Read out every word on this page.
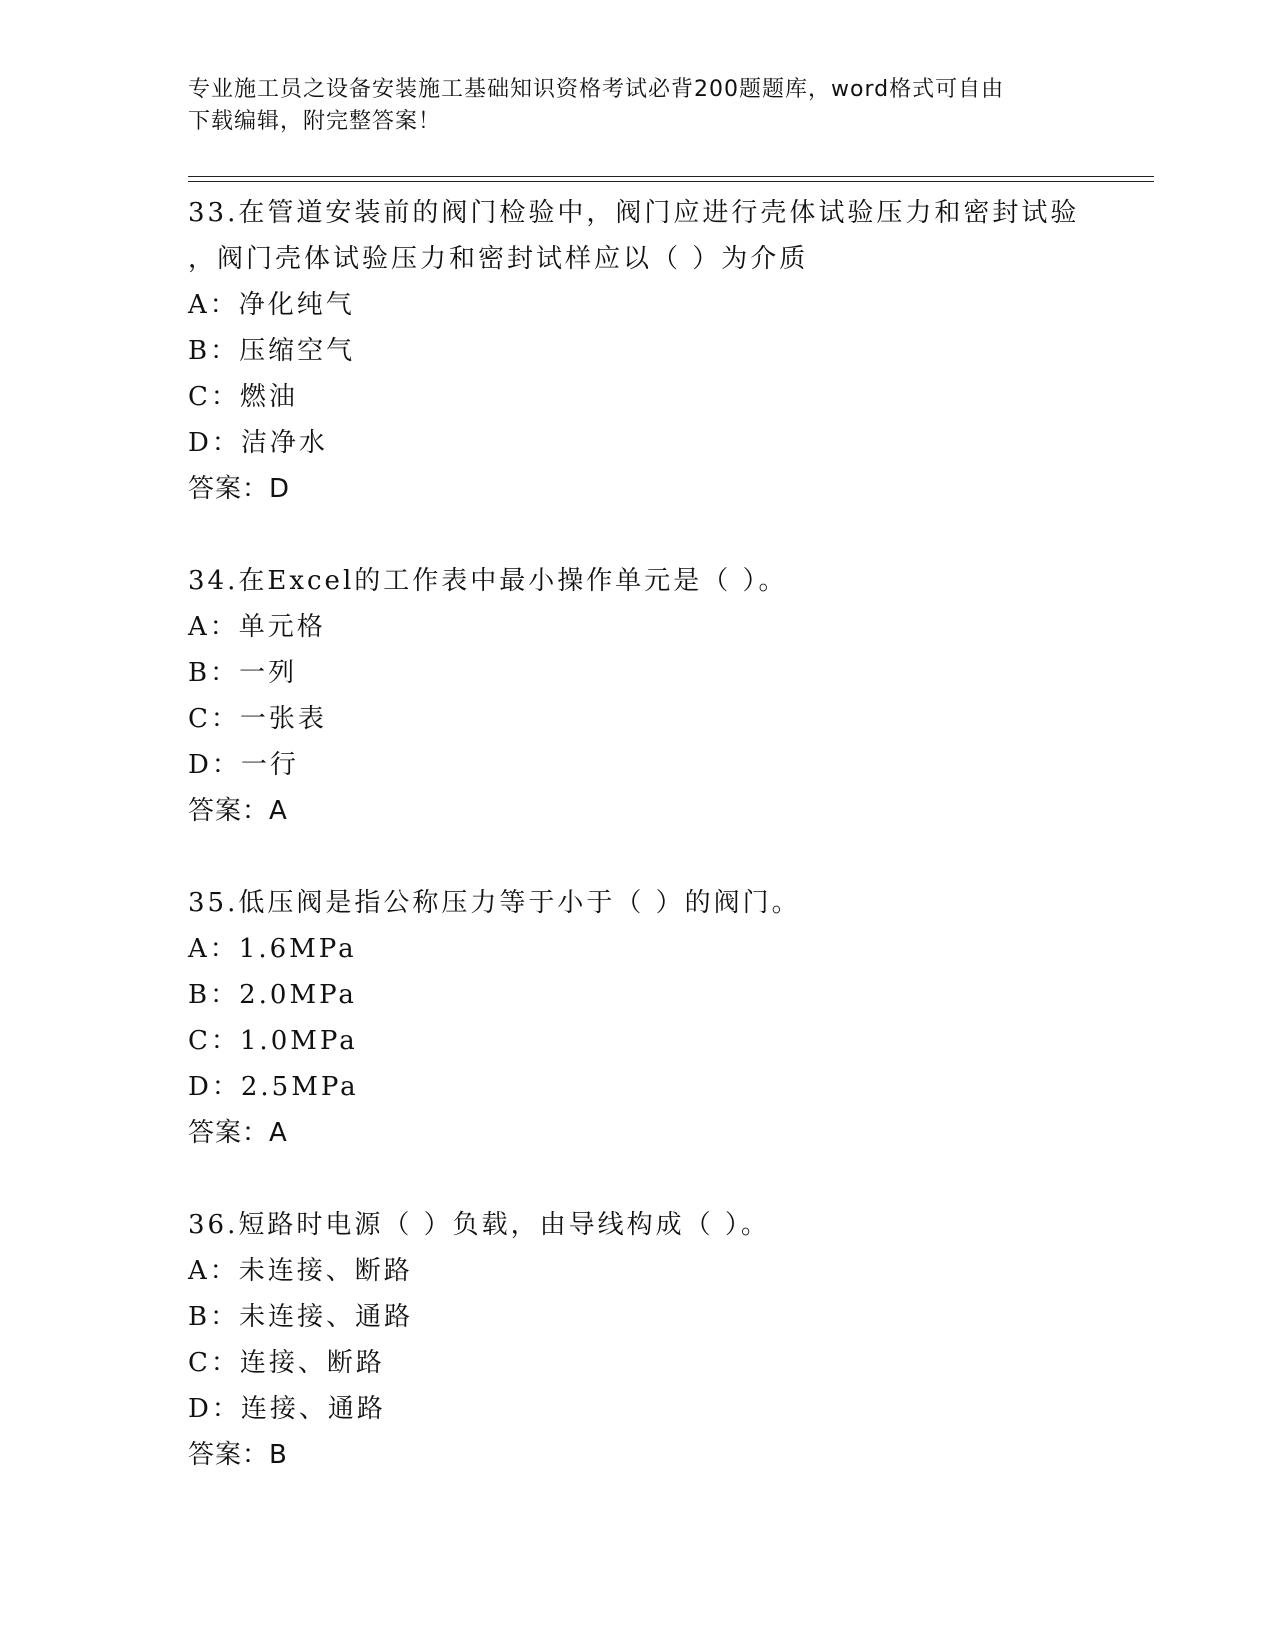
专业施工员之设备安装施工基础知识资格考试必背200题题库，word格式可自由
下载编辑，附完整答案！
33.在管道安装前的阀门检验中，阀门应进行壳体试验压力和密封试验
，阀门壳体试验压力和密封试样应以（ ）为介质
A：净化纯气
B：压缩空气
C：燃油
D：洁净水
答案：D
34.在Excel的工作表中最小操作单元是（ ）。
A：单元格
B：一列
C：一张表
D：一行
答案：A
35.低压阀是指公称压力等于小于（ ）的阀门。
A：1.6MPa
B：2.0MPa
C：1.0MPa
D：2.5MPa
答案：A
36.短路时电源（ ）负载，由导线构成（ ）。
A：未连接、断路
B：未连接、通路
C：连接、断路
D：连接、通路
答案：B
